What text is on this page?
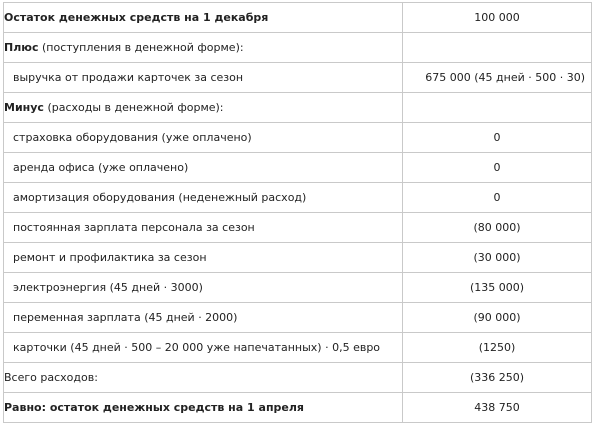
Остаток денежных средств на 1 декабря	100 000
Плюс (поступления в денежной форме):	
выручка от продажи карточек за сезон	675 000 (45 дней · 500 · 30)
Минус (расходы в денежной форме):	
страховка оборудования (уже оплачено)	0
аренда офиса (уже оплачено)	0
амортизация оборудования (неденежный расход)	0
постоянная зарплата персонала за сезон	(80 000)
ремонт и профилактика за сезон	(30 000)
электроэнергия (45 дней · 3000)	(135 000)
переменная зарплата (45 дней · 2000)	(90 000)
карточки (45 дней · 500 – 20 000 уже напечатанных) · 0,5 евро	(1250)
Всего расходов:	(336 250)
Равно: остаток денежных средств на 1 апреля	438 750
